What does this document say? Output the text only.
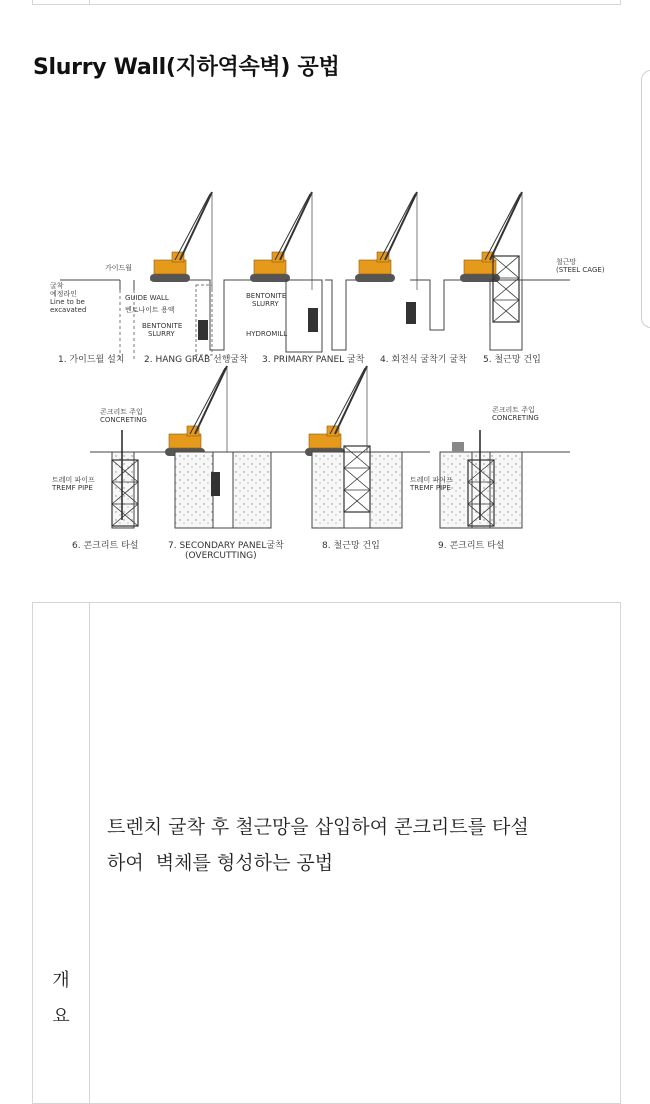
Slurry Wall(지하역속벽) 공법
가이드월
굴착
예정라인
Line to be
excavated
GUIDE WALL
벤토나이트 용액
BENTONITE
SLURRY
BENTONITE
SLURRY
HYDROMILL
철근망
(STEEL CAGE)
1. 가이드월 설치 2. HANG GRAB 선행굴착 3. PRIMARY PANEL 굴착 4. 회전식 굴착기 굴착 5. 철근망 건입
콘크리트 주입
CONCRETING
트레미 파이프
TREMF PIPE
콘크리트 주입
CONCRETING
트레미 파이프
TREMF PIPE
6. 콘크리트 타설	7. SECONDARY PANEL굴착
(OVERCUTTING)
8. 철근망 건입	9. 콘크리트 타설
개
요
트렌치 굴착 후 철근망을 삽입하여 콘크리트를 타설
하여  벽체를 형성하는 공법
